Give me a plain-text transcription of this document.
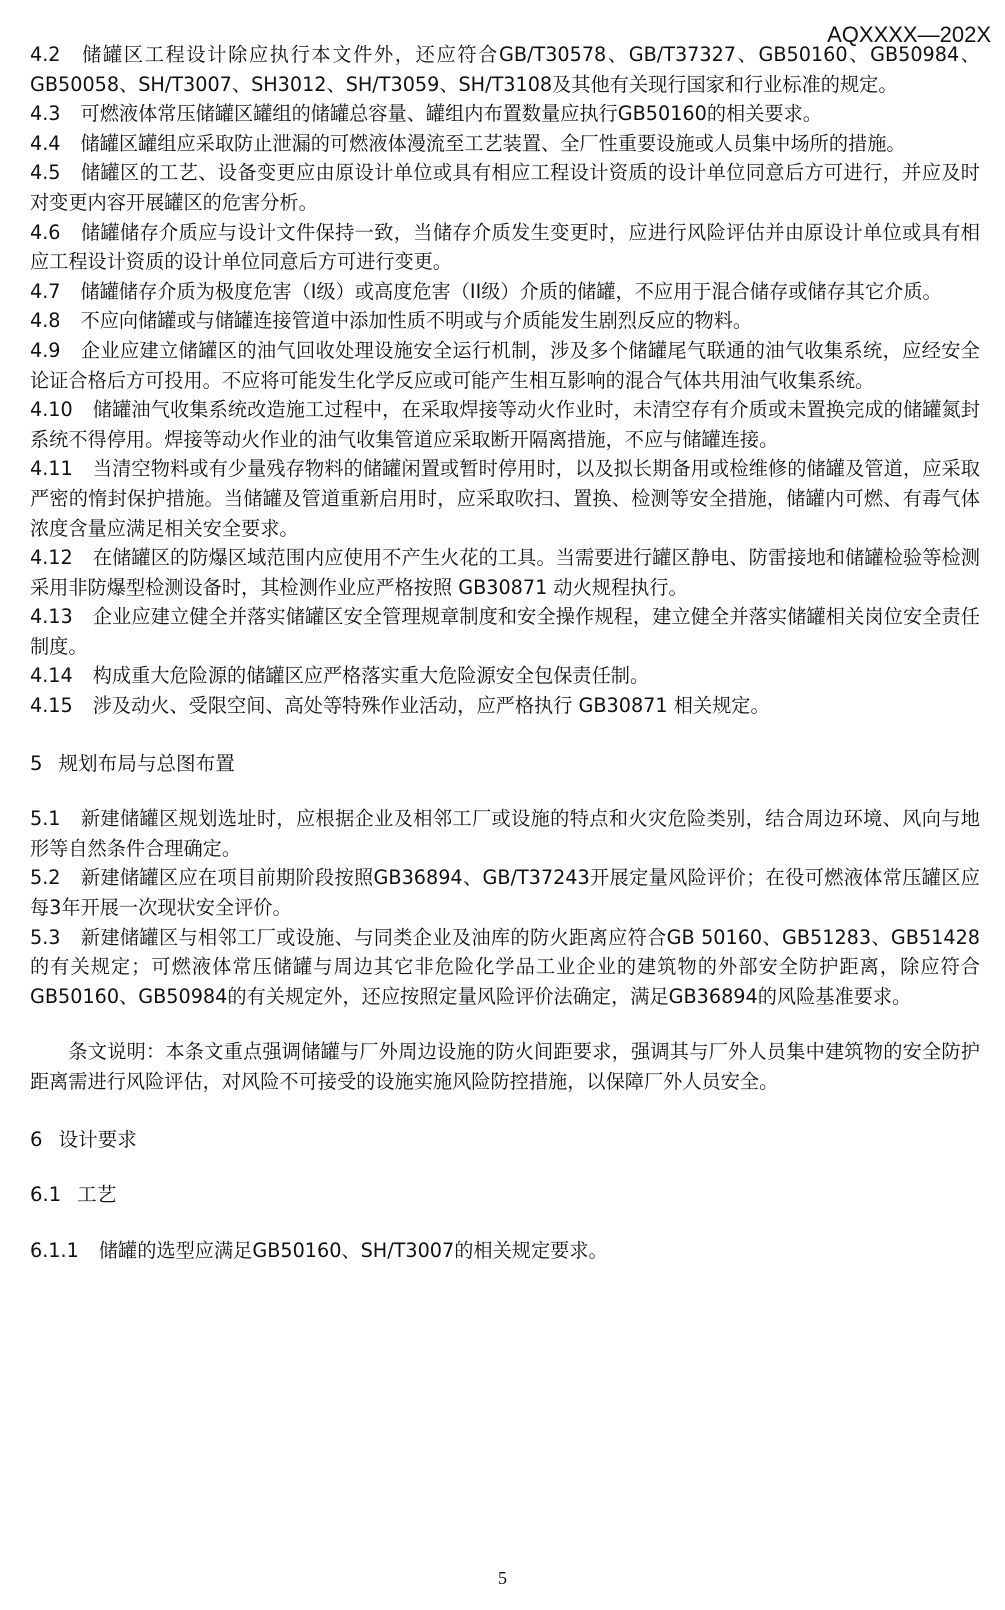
AQXXXX—202X

4.2 储罐区工程设计除应执行本文件外，还应符合GB/T30578、GB/T37327、GB50160、GB50984、GB50058、SH/T3007、SH3012、SH/T3059、SH/T3108及其他有关现行国家和行业标准的规定。

4.3 可燃液体常压储罐区罐组的储罐总容量、罐组内布置数量应执行GB50160的相关要求。

4.4 储罐区罐组应采取防止泄漏的可燃液体漫流至工艺装置、全厂性重要设施或人员集中场所的措施。

4.5 储罐区的工艺、设备变更应由原设计单位或具有相应工程设计资质的设计单位同意后方可进行，并应及时对变更内容开展罐区的危害分析。

4.6 储罐储存介质应与设计文件保持一致，当储存介质发生变更时，应进行风险评估并由原设计单位或具有相应工程设计资质的设计单位同意后方可进行变更。

4.7 储罐储存介质为极度危害（I级）或高度危害（II级）介质的储罐，不应用于混合储存或储存其它介质。

4.8 不应向储罐或与储罐连接管道中添加性质不明或与介质能发生剧烈反应的物料。

4.9 企业应建立储罐区的油气回收处理设施安全运行机制，涉及多个储罐尾气联通的油气收集系统，应经安全论证合格后方可投用。不应将可能发生化学反应或可能产生相互影响的混合气体共用油气收集系统。

4.10 储罐油气收集系统改造施工过程中，在采取焊接等动火作业时，未清空存有介质或未置换完成的储罐氮封系统不得停用。焊接等动火作业的油气收集管道应采取断开隔离措施，不应与储罐连接。

4.11 当清空物料或有少量残存物料的储罐闲置或暂时停用时，以及拟长期备用或检维修的储罐及管道，应采取严密的惰封保护措施。当储罐及管道重新启用时，应采取吹扫、置换、检测等安全措施，储罐内可燃、有毒气体浓度含量应满足相关安全要求。

4.12 在储罐区的防爆区域范围内应使用不产生火花的工具。当需要进行罐区静电、防雷接地和储罐检验等检测采用非防爆型检测设备时，其检测作业应严格按照 GB30871 动火规程执行。

4.13 企业应建立健全并落实储罐区安全管理规章制度和安全操作规程，建立健全并落实储罐相关岗位安全责任制度。

4.14 构成重大危险源的储罐区应严格落实重大危险源安全包保责任制。

4.15 涉及动火、受限空间、高处等特殊作业活动，应严格执行 GB30871 相关规定。

5 规划布局与总图布置

5.1 新建储罐区规划选址时，应根据企业及相邻工厂或设施的特点和火灾危险类别，结合周边环境、风向与地形等自然条件合理确定。

5.2 新建储罐区应在项目前期阶段按照GB36894、GB/T37243开展定量风险评价；在役可燃液体常压罐区应每3年开展一次现状安全评价。

5.3 新建储罐区与相邻工厂或设施、与同类企业及油库的防火距离应符合GB 50160、GB51283、GB51428的有关规定；可燃液体常压储罐与周边其它非危险化学品工业企业的建筑物的外部安全防护距离，除应符合GB50160、GB50984的有关规定外，还应按照定量风险评价法确定，满足GB36894的风险基准要求。

条文说明：本条文重点强调储罐与厂外周边设施的防火间距要求，强调其与厂外人员集中建筑物的安全防护距离需进行风险评估，对风险不可接受的设施实施风险防控措施，以保障厂外人员安全。

6 设计要求

6.1 工艺

6.1.1 储罐的选型应满足GB50160、SH/T3007的相关规定要求。

5
